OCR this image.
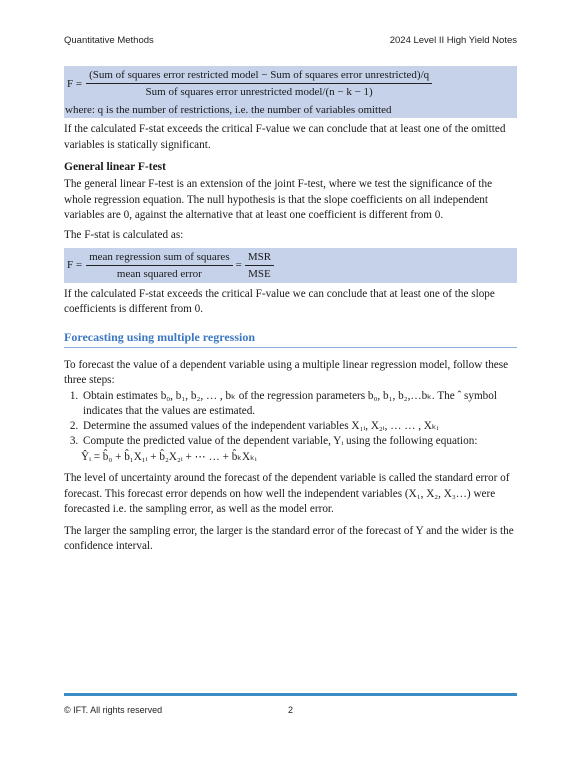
Quantitative Methods	2024 Level II High Yield Notes
F =
(Sum of squares error restricted model − Sum of squares error unrestricted)/q
Sum of squares error unrestricted model/(n − k − 1)
where: q is the number of restrictions, i.e. the number of variables omitted

If the calculated F-stat exceeds the critical F-value we can conclude that at least one of the omitted variables is statically significant.

General linear F-test

The general linear F-test is an extension of the joint F-test, where we test the significance of the whole regression equation. The null hypothesis is that the slope coefficients on all independent variables are 0, against the alternative that at least one coefficient is different from 0.

The F-stat is calculated as:

$F = \frac{\text{mean regression sum of squares}}{\text{mean squared error}} = \frac{\text{MSR}}{\text{MSE}}$

If the calculated F-stat exceeds the critical F-value we can conclude that at least one of the slope coefficients is different from 0.

Forecasting using multiple regression

To forecast the value of a dependent variable using a multiple linear regression model, follow these three steps:

1. Obtain estimates b₀, b₁, b₂, … , bₖ of the regression parameters b₀, b₁, b₂,…bₖ. The ˆ symbol indicates that the values are estimated.
2. Determine the assumed values of the independent variables X₁ᵢ, X₂ᵢ, … … , Xₖᵢ
3. Compute the predicted value of the dependent variable, Yᵢ using the following equation:
Ŷᵢ = b̂₀ + b̂₁X₁ᵢ + b̂₂X₂ᵢ + ⋯ … + b̂ₖXₖᵢ

The level of uncertainty around the forecast of the dependent variable is called the standard error of forecast. This forecast error depends on how well the independent variables (X₁, X₂, X₃…) were forecasted i.e. the sampling error, as well as the model error.

The larger the sampling error, the larger is the standard error of the forecast of Y and the wider is the confidence interval.

© IFT. All rights reserved	2
